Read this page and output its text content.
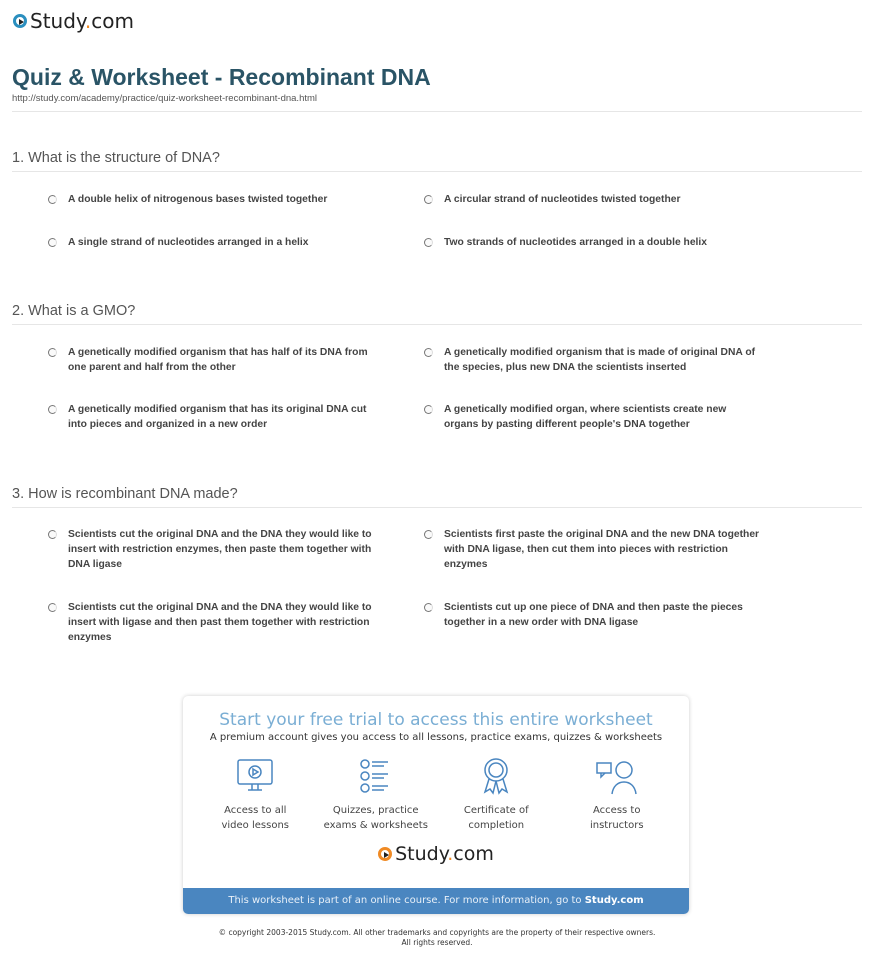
Study.com
Quiz & Worksheet - Recombinant DNA
http://study.com/academy/practice/quiz-worksheet-recombinant-dna.html
1. What is the structure of DNA?
A double helix of nitrogenous bases twisted together	A circular strand of nucleotides twisted together
A single strand of nucleotides arranged in a helix	Two strands of nucleotides arranged in a double helix
2. What is a GMO?
A genetically modified organism that has half of its DNA from one parent and half from the other
A genetically modified organism that is made of original DNA of the species, plus new DNA the scientists inserted
A genetically modified organism that has its original DNA cut into pieces and organized in a new order
A genetically modified organ, where scientists create new organs by pasting different people's DNA together
3. How is recombinant DNA made?
Scientists cut the original DNA and the DNA they would like to insert with restriction enzymes, then paste them together with DNA ligase
Scientists first paste the original DNA and the new DNA together with DNA ligase, then cut them into pieces with restriction enzymes
Scientists cut the original DNA and the DNA they would like to insert with ligase and then past them together with restriction enzymes
Scientists cut up one piece of DNA and then paste the pieces together in a new order with DNA ligase
Start your free trial to access this entire worksheet
A premium account gives you access to all lessons, practice exams, quizzes & worksheets
Access to all
video lessons
Quizzes, practice
exams & worksheets
Certificate of
completion
Access to
instructors
Study.com
This worksheet is part of an online course. For more information, go to Study.com
© copyright 2003-2015 Study.com. All other trademarks and copyrights are the property of their respective owners.
All rights reserved.
